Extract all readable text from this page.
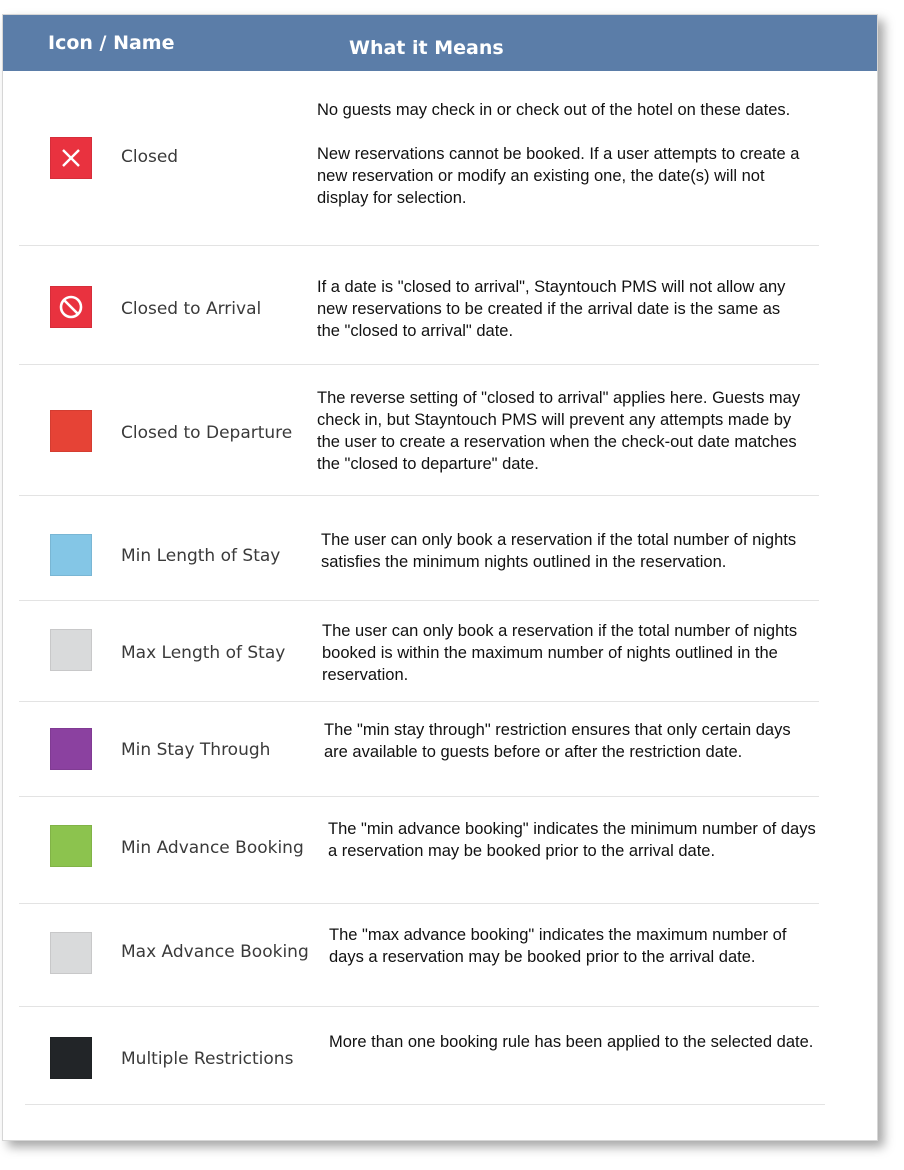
Icon / Name	What it Means
Closed

No guests may check in or check out of the hotel on these dates.

New reservations cannot be booked. If a user attempts to create a new reservation or modify an existing one, the date(s) will not display for selection.

Closed to Arrival

If a date is "closed to arrival", Stayntouch PMS will not allow any new reservations to be created if the arrival date is the same as the "closed to arrival" date.

Closed to Departure

The reverse setting of "closed to arrival" applies here. Guests may check in, but Stayntouch PMS will prevent any attempts made by the user to create a reservation when the check-out date matches the "closed to departure" date.

Min Length of Stay

The user can only book a reservation if the total number of nights satisfies the minimum nights outlined in the reservation.

Max Length of Stay

The user can only book a reservation if the total number of nights booked is within the maximum number of nights outlined in the reservation.

Min Stay Through

The "min stay through" restriction ensures that only certain days are available to guests before or after the restriction date.

Min Advance Booking

The "min advance booking" indicates the minimum number of days a reservation may be booked prior to the arrival date.

Max Advance Booking

The "max advance booking" indicates the maximum number of days a reservation may be booked prior to the arrival date.

Multiple Restrictions

More than one booking rule has been applied to the selected date.
